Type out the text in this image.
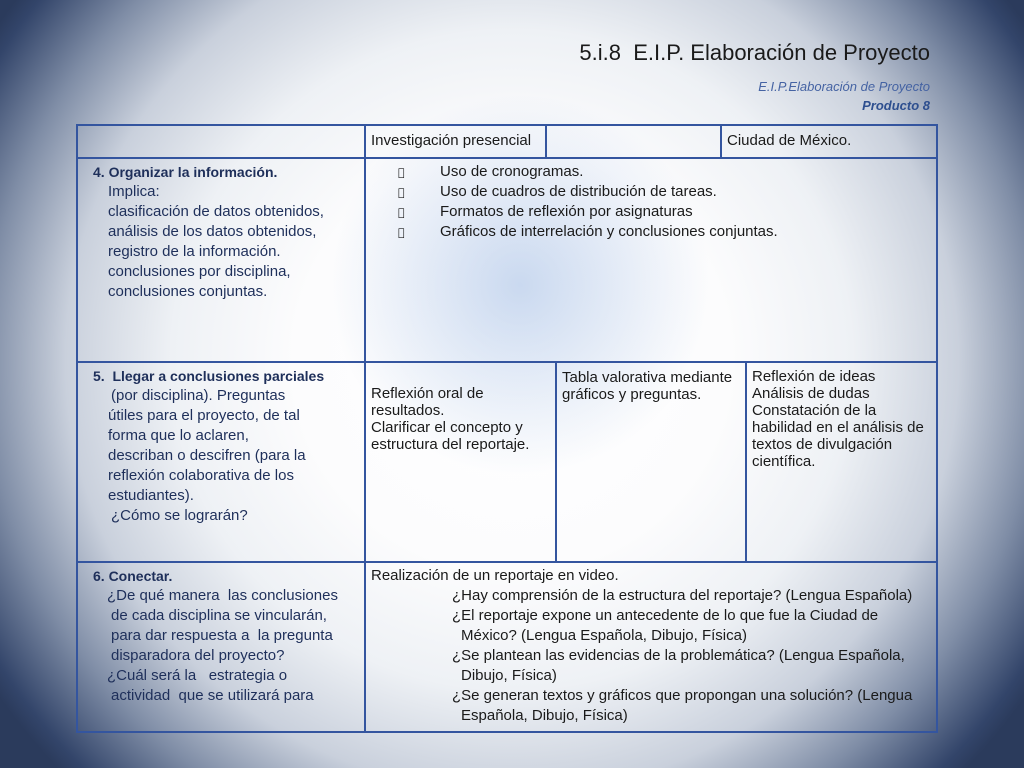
5.i.8  E.I.P. Elaboración de Proyecto
E.I.P.Elaboración de Proyecto
Producto 8
Investigación presencial	Ciudad de México.
4. Organizar la información.
Implica:
clasificación de datos obtenidos,
análisis de los datos obtenidos,
registro de la información.
conclusiones por disciplina,
conclusiones conjuntas.
Uso de cronogramas.
Uso de cuadros de distribución de tareas.
Formatos de reflexión por asignaturas
Gráficos de interrelación y conclusiones conjuntas.
5.  Llegar a conclusiones parciales
(por disciplina). Preguntas
útiles para el proyecto, de tal
forma que lo aclaren,
describan o descifren (para la
reflexión colaborativa de los
estudiantes).
¿Cómo se lograrán?
Reflexión oral de
resultados.
Clarificar el concepto y
estructura del reportaje.
Tabla valorativa mediante
gráficos y preguntas.
Reflexión de ideas
Análisis de dudas
Constatación de la
habilidad en el análisis de
textos de divulgación
científica.
6. Conectar.
¿De qué manera  las conclusiones
de cada disciplina se vincularán,
para dar respuesta a  la pregunta
disparadora del proyecto?
¿Cuál será la   estrategia o
actividad  que se utilizará para
Realización de un reportaje en video.
¿Hay comprensión de la estructura del reportaje? (Lengua Española)
¿El reportaje expone un antecedente de lo que fue la Ciudad de
México? (Lengua Española, Dibujo, Física)
¿Se plantean las evidencias de la problemática? (Lengua Española,
Dibujo, Física)
¿Se generan textos y gráficos que propongan una solución? (Lengua
Española, Dibujo, Física)
